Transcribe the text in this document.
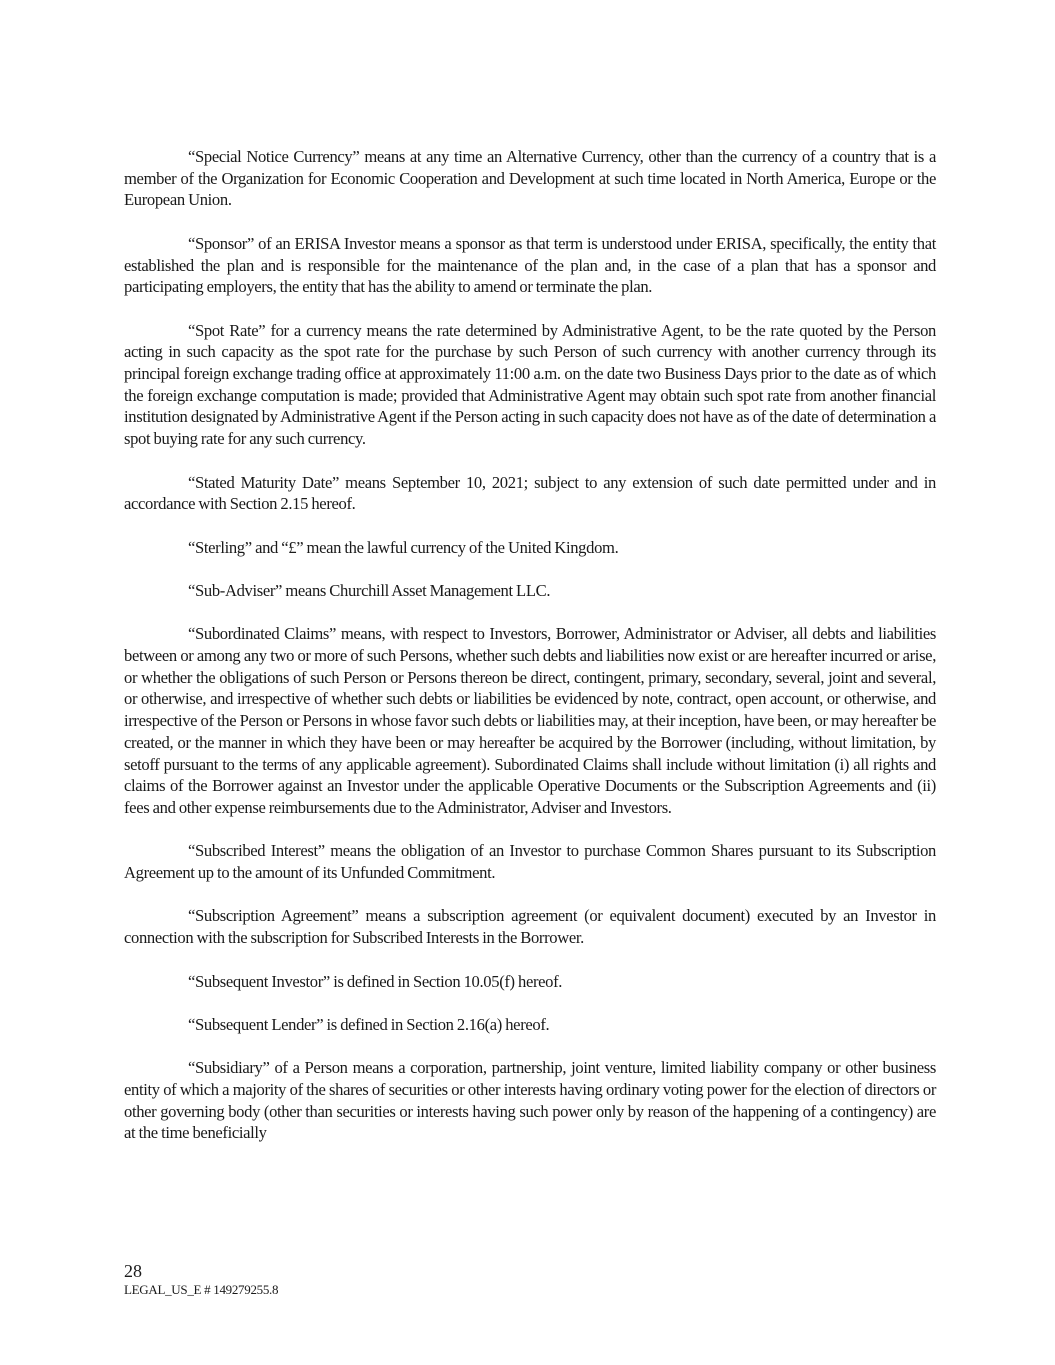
“Special Notice Currency” means at any time an Alternative Currency, other than the currency of a country that is a member of the Organization for Economic Cooperation and Development at such time located in North America, Europe or the European Union.

“Sponsor” of an ERISA Investor means a sponsor as that term is understood under ERISA, specifically, the entity that established the plan and is responsible for the maintenance of the plan and, in the case of a plan that has a sponsor and participating employers, the entity that has the ability to amend or terminate the plan.

“Spot Rate” for a currency means the rate determined by Administrative Agent, to be the rate quoted by the Person acting in such capacity as the spot rate for the purchase by such Person of such currency with another currency through its principal foreign exchange trading office at approximately 11:00 a.m. on the date two Business Days prior to the date as of which the foreign exchange computation is made; provided that Administrative Agent may obtain such spot rate from another financial institution designated by Administrative Agent if the Person acting in such capacity does not have as of the date of determination a spot buying rate for any such currency.

“Stated Maturity Date” means September 10, 2021; subject to any extension of such date permitted under and in accordance with Section 2.15 hereof.

“Sterling” and “£” mean the lawful currency of the United Kingdom.

“Sub-Adviser” means Churchill Asset Management LLC.

“Subordinated Claims” means, with respect to Investors, Borrower, Administrator or Adviser, all debts and liabilities between or among any two or more of such Persons, whether such debts and liabilities now exist or are hereafter incurred or arise, or whether the obligations of such Person or Persons thereon be direct, contingent, primary, secondary, several, joint and several, or otherwise, and irrespective of whether such debts or liabilities be evidenced by note, contract, open account, or otherwise, and irrespective of the Person or Persons in whose favor such debts or liabilities may, at their inception, have been, or may hereafter be created, or the manner in which they have been or may hereafter be acquired by the Borrower (including, without limitation, by setoff pursuant to the terms of any applicable agreement). Subordinated Claims shall include without limitation (i) all rights and claims of the Borrower against an Investor under the applicable Operative Documents or the Subscription Agreements and (ii) fees and other expense reimbursements due to the Administrator, Adviser and Investors.

“Subscribed Interest” means the obligation of an Investor to purchase Common Shares pursuant to its Subscription Agreement up to the amount of its Unfunded Commitment.

“Subscription Agreement” means a subscription agreement (or equivalent document) executed by an Investor in connection with the subscription for Subscribed Interests in the Borrower.

“Subsequent Investor” is defined in Section 10.05(f) hereof.

“Subsequent Lender” is defined in Section 2.16(a) hereof.

“Subsidiary” of a Person means a corporation, partnership, joint venture, limited liability company or other business entity of which a majority of the shares of securities or other interests having ordinary voting power for the election of directors or other governing body (other than securities or interests having such power only by reason of the happening of a contingency) are at the time beneficially

28
LEGAL_US_E # 149279255.8
